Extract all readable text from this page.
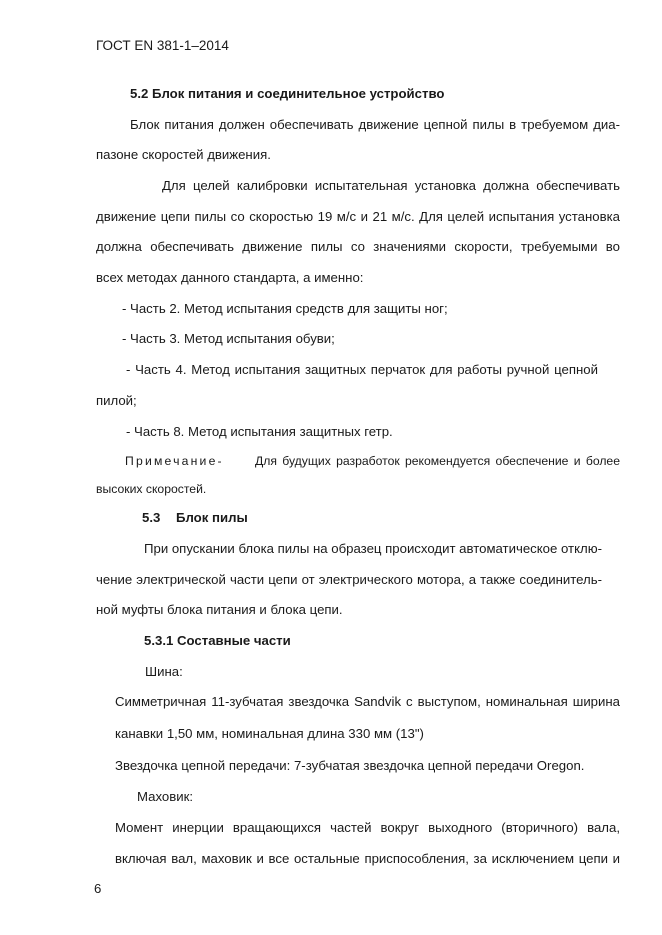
ГОСТ EN 381-1–2014
5.2 Блок питания и соединительное устройство
Блок питания должен обеспечивать движение цепной пилы в требуемом диа-
пазоне скоростей движения.
Для целей калибровки испытательная установка должна обеспечивать
движение цепи пилы со скоростью 19 м/с и 21 м/с. Для целей испытания установка
должна обеспечивать движение пилы со значениями скорости, требуемыми во
всех методах данного стандарта, а именно:
- Часть 2. Метод испытания средств для защиты ног;
- Часть 3. Метод испытания обуви;
- Часть 4. Метод испытания защитных перчаток для работы ручной цепной
пилой;
- Часть 8. Метод испытания защитных гетр.
Примечание-	Для будущих разработок рекомендуется обеспечение и более
высоких скоростей.
5.3 Блок пилы
При опускании блока пилы на образец происходит автоматическое отклю-
чение электрической части цепи от электрического мотора, а также соединитель-
ной муфты блока питания и блока цепи.
5.3.1 Составные части
Шина:
Симметричная 11-зубчатая звездочка Sandvik с выступом, номинальная ширина
канавки 1,50 мм, номинальная длина 330 мм (13")
Звездочка цепной передачи: 7-зубчатая звездочка цепной передачи Oregon.
Маховик:
Момент инерции вращающихся частей вокруг выходного (вторичного) вала,
включая вал, маховик и все остальные приспособления, за исключением цепи и
6
